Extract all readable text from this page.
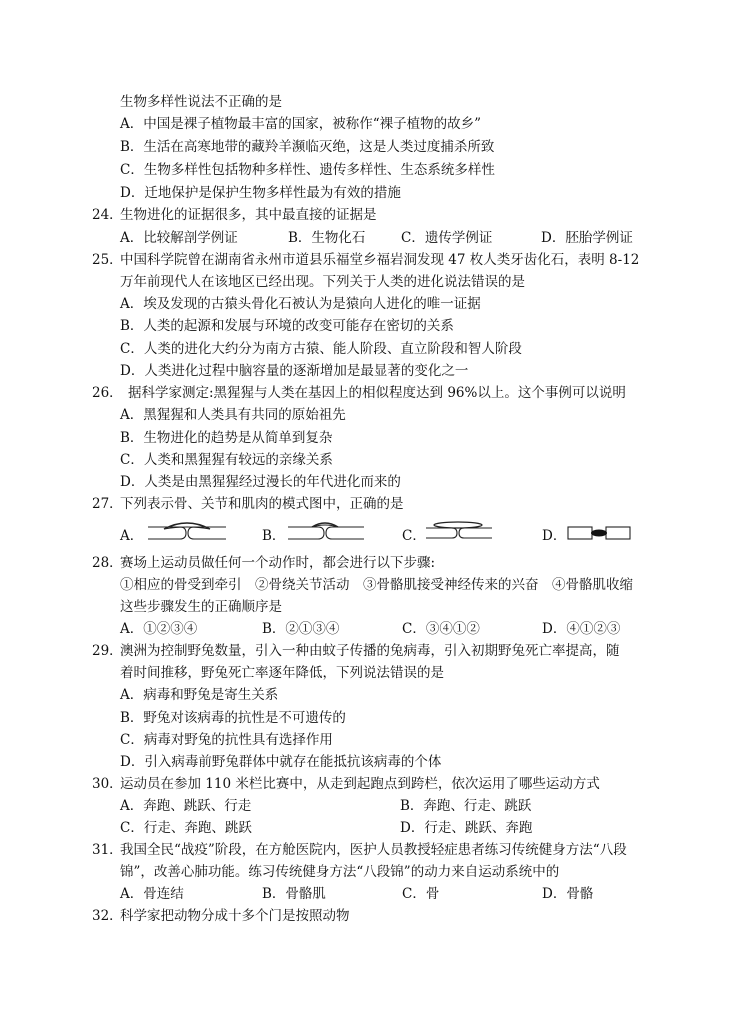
生物多样性说法不正确的是
A．中国是裸子植物最丰富的国家，被称作“裸子植物的故乡”
B．生活在高寒地带的藏羚羊濒临灭绝，这是人类过度捕杀所致
C．生物多样性包括物种多样性、遗传多样性、生态系统多样性
D．迁地保护是保护生物多样性最为有效的措施
24．
生物进化的证据很多，其中最直接的证据是
A．比较解剖学例证	B．生物化石	C．遗传学例证	D．胚胎学例证
25．
中国科学院曾在湖南省永州市道县乐福堂乡福岩洞发现 47 枚人类牙齿化石，表明 8-12
万年前现代人在该地区已经出现。下列关于人类的进化说法错误的是
A．埃及发现的古猿头骨化石被认为是猿向人进化的唯一证据
B．人类的起源和发展与环境的改变可能存在密切的关系
C．人类的进化大约分为南方古猿、能人阶段、直立阶段和智人阶段
D．人类进化过程中脑容量的逐渐增加是最显著的变化之一
26． 据科学家测定:黑猩猩与人类在基因上的相似程度达到 96%以上。这个事例可以说明
A．黑猩猩和人类具有共同的原始祖先
B．生物进化的趋势是从简单到复杂
C．人类和黑猩猩有较远的亲缘关系
D．人类是由黑猩猩经过漫长的年代进化而来的
27．
下列表示骨、关节和肌肉的模式图中，正确的是
A．	B．	C．	D．
28．
赛场上运动员做任何一个动作时，都会进行以下步骤:
①相应的骨受到牵引　②骨绕关节活动　③骨骼肌接受神经传来的兴奋　④骨骼肌收缩
这些步骤发生的正确顺序是
A．①②③④	B．②①③④	C．③④①②	D．④①②③
29．
澳洲为控制野兔数量，引入一种由蚊子传播的兔病毒，引入初期野兔死亡率提高，随
着时间推移，野兔死亡率逐年降低，下列说法错误的是
A．病毒和野兔是寄生关系
B．野兔对该病毒的抗性是不可遗传的
C．病毒对野兔的抗性具有选择作用
D．引入病毒前野兔群体中就存在能抵抗该病毒的个体
30．
运动员在参加 110 米栏比赛中，从走到起跑点到跨栏，依次运用了哪些运动方式
A．奔跑、跳跃、行走	B．奔跑、行走、跳跃
C．行走、奔跑、跳跃	D．行走、跳跃、奔跑
31．
我国全民“战疫”阶段，在方舱医院内，医护人员教授轻症患者练习传统健身方法“八段
锦”，改善心肺功能。练习传统健身方法“八段锦”的动力来自运动系统中的
A．骨连结	B．骨骼肌	C．骨	D．骨骼
32．
科学家把动物分成十多个门是按照动物
